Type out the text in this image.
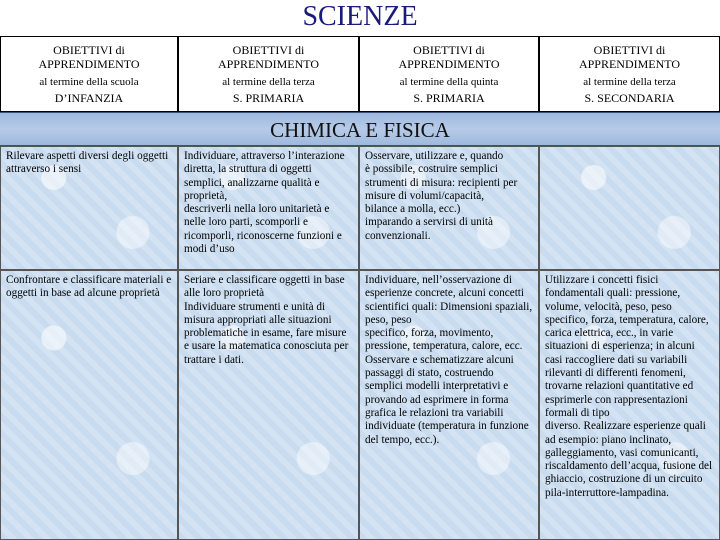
SCIENZE
OBIETTIVI di
APPRENDIMENTO
al termine della scuola
D’INFANZIA
OBIETTIVI di
APPRENDIMENTO
al termine della terza
S. PRIMARIA
OBIETTIVI di
APPRENDIMENTO
al termine della quinta
S. PRIMARIA
OBIETTIVI di
APPRENDIMENTO
al termine della terza
S. SECONDARIA
CHIMICA E FISICA
Rilevare aspetti diversi degli oggetti attraverso i sensi
Individuare, attraverso l’interazione diretta, la struttura di oggetti semplici, analizzarne qualità e proprietà,
descriverli nella loro unitarietà e nelle loro parti, scomporli e
ricomporli, riconoscerne funzioni e modi d’uso
Osservare, utilizzare e, quando
è possibile, costruire semplici strumenti di misura: recipienti per misure di volumi/capacità,
bilance a molla, ecc.)
imparando a servirsi di unità convenzionali.
Confrontare e classificare materiali e oggetti in base ad alcune proprietà
Seriare e classificare oggetti in base alle loro proprietà
Individuare strumenti e unità di misura appropriati alle situazioni problematiche in esame, fare misure e usare la matematica conosciuta per trattare i dati.
Individuare, nell’osservazione di esperienze concrete, alcuni concetti scientifici quali: Dimensioni spaziali, peso, peso
specifico, forza, movimento, pressione, temperatura, calore, ecc.
Osservare e schematizzare alcuni passaggi di stato, costruendo semplici modelli interpretativi e provando ad esprimere in forma grafica le relazioni tra variabili individuate (temperatura in funzione del tempo, ecc.).
Utilizzare i concetti fisici fondamentali quali: pressione, volume, velocità, peso, peso specifico, forza, temperatura, calore, carica elettrica, ecc., in varie situazioni di esperienza; in alcuni casi raccogliere dati su variabili rilevanti di differenti fenomeni, trovarne relazioni quantitative ed esprimerle con rappresentazioni formali di tipo
diverso. Realizzare esperienze quali ad esempio: piano inclinato, galleggiamento, vasi comunicanti, riscaldamento dell’acqua, fusione del ghiaccio, costruzione di un circuito pila-interruttore-lampadina.
